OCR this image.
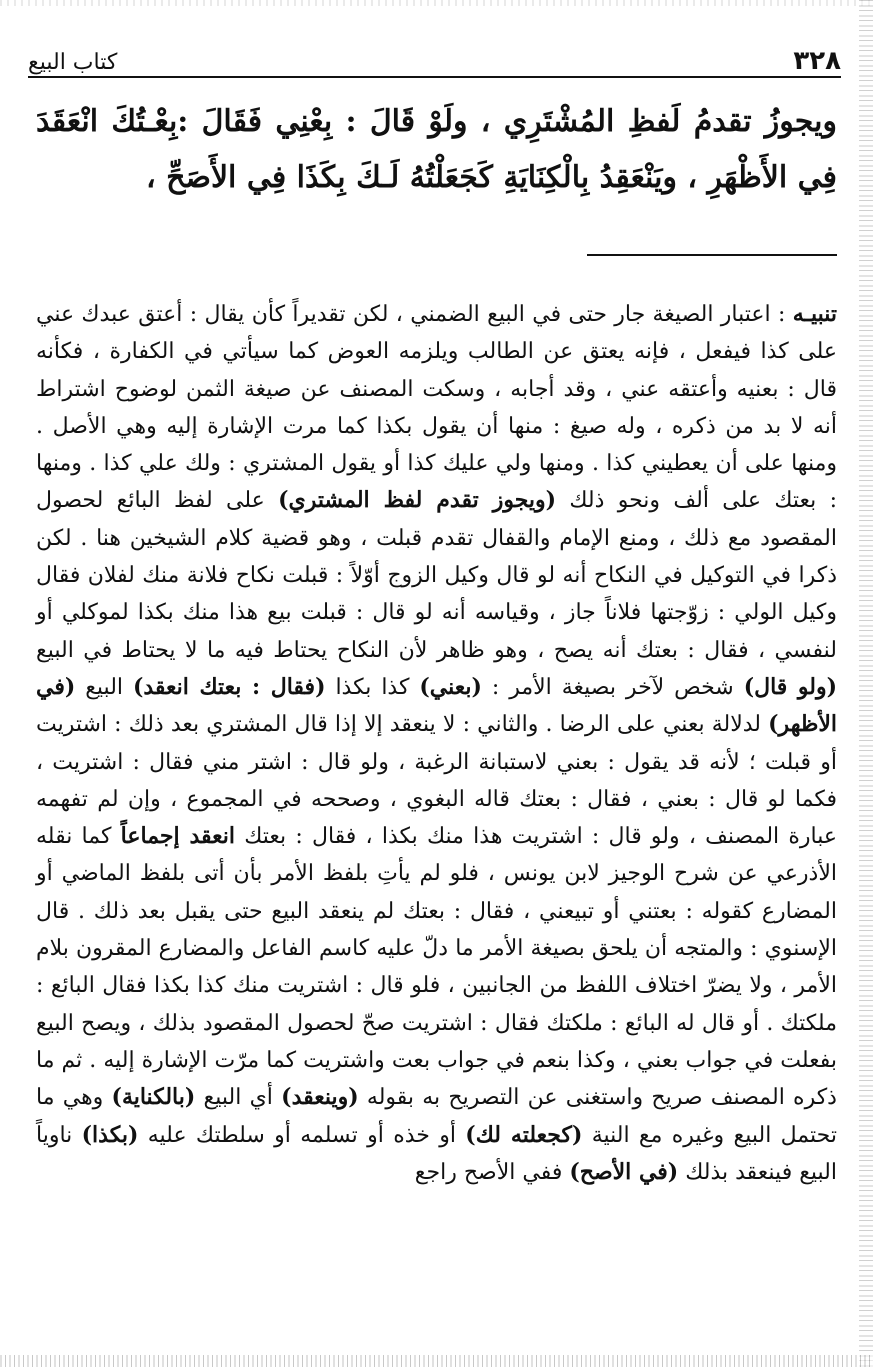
٣٢٨
كتاب البيع
ويجوزُ تقدمُ لَفظِ المُشْتَرِي ، ولَوْ قَالَ : بِعْنِي فَقَالَ :بِعْـتُكَ انْعَقَدَ فِي الأَظْهَرِ ، ويَنْعَقِدُ بِالْكِنَايَةِ كَجَعَلْتُهُ لَـكَ بِكَذَا فِي الأَصَحِّ ،

تنبيـه : اعتبار الصيغة جار حتى في البيع الضمني ، لكن تقديراً كأن يقال : أعتق عبدك عني على كذا فيفعل ، فإنه يعتق عن الطالب ويلزمه العوض كما سيأتي في الكفارة ، فكأنه قال : بعنيه وأعتقه عني ، وقد أجابه ، وسكت المصنف عن صيغة الثمن لوضوح اشتراط أنه لا بد من ذكره ، وله صيغ : منها أن يقول بكذا كما مرت الإشارة إليه وهي الأصل . ومنها على أن يعطيني كذا . ومنها ولي عليك كذا أو يقول المشتري : ولك علي كذا . ومنها : بعتك على ألف ونحو ذلك (ويجوز تقدم لفظ المشتري) على لفظ البائع لحصول المقصود مع ذلك ، ومنع الإمام والقفال تقدم قبلت ، وهو قضية كلام الشيخين هنا . لكن ذكرا في التوكيل في النكاح أنه لو قال وكيل الزوج أوّلاً : قبلت نكاح فلانة منك لفلان فقال وكيل الولي : زوّجتها فلاناً جاز ، وقياسه أنه لو قال : قبلت بيع هذا منك بكذا لموكلي أو لنفسي ، فقال : بعتك أنه يصح ، وهو ظاهر لأن النكاح يحتاط فيه ما لا يحتاط في البيع (ولو قال) شخص لآخر بصيغة الأمر : (بعني) كذا بكذا (فقال : بعتك انعقد) البيع (في الأظهر) لدلالة بعني على الرضا . والثاني : لا ينعقد إلا إذا قال المشتري بعد ذلك : اشتريت أو قبلت ؛ لأنه قد يقول : بعني لاستبانة الرغبة ، ولو قال : اشتر مني فقال : اشتريت ، فكما لو قال : بعني ، فقال : بعتك قاله البغوي ، وصححه في المجموع ، وإن لم تفهمه عبارة المصنف ، ولو قال : اشتريت هذا منك بكذا ، فقال : بعتك انعقد إجماعاً كما نقله الأذرعي عن شرح الوجيز لابن يونس ، فلو لم يأتِ بلفظ الأمر بأن أتى بلفظ الماضي أو المضارع كقوله : بعتني أو تبيعني ، فقال : بعتك لم ينعقد البيع حتى يقبل بعد ذلك . قال الإسنوي : والمتجه أن يلحق بصيغة الأمر ما دلّ عليه كاسم الفاعل والمضارع المقرون بلام الأمر ، ولا يضرّ اختلاف اللفظ من الجانبين ، فلو قال : اشتريت منك كذا بكذا فقال البائع : ملكتك . أو قال له البائع : ملكتك فقال : اشتريت صحّ لحصول المقصود بذلك ، ويصح البيع بفعلت في جواب بعني ، وكذا بنعم في جواب بعت واشتريت كما مرّت الإشارة إليه . ثم ما ذكره المصنف صريح واستغنى عن التصريح به بقوله (وينعقد) أي البيع (بالكناية) وهي ما تحتمل البيع وغيره مع النية (كجعلته لك) أو خذه أو تسلمه أو سلطتك عليه (بكذا) ناوياً البيع فينعقد بذلك (في الأصح) ففي الأصح راجع
